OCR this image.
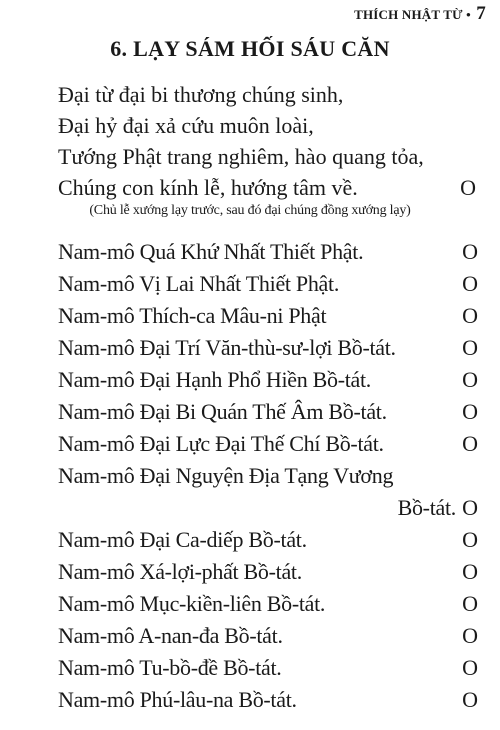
THÍCH NHẬT TỪ • 7
6. LẠY SÁM HỐI SÁU CĂN
Đại từ đại bi thương chúng sinh,
Đại hỷ đại xả cứu muôn loài,
Tướng Phật trang nghiêm, hào quang tỏa,
Chúng con kính lễ, hướng tâm về.	O
(Chủ lễ xướng lạy trước, sau đó đại chúng đồng xướng lạy)
Nam-mô Quá Khứ Nhất Thiết Phật.	O
Nam-mô Vị Lai Nhất Thiết Phật.	O
Nam-mô Thích-ca Mâu-ni Phật	O
Nam-mô Đại Trí Văn-thù-sư-lợi Bồ-tát.	O
Nam-mô Đại Hạnh Phổ Hiền Bồ-tát.	O
Nam-mô Đại Bi Quán Thế Âm Bồ-tát.	O
Nam-mô Đại Lực Đại Thế Chí Bồ-tát.	O
Nam-mô Đại Nguyện Địa Tạng Vương
Bồ-tát. O
Nam-mô Đại Ca-diếp Bồ-tát.	O
Nam-mô Xá-lợi-phất Bồ-tát.	O
Nam-mô Mục-kiền-liên Bồ-tát.	O
Nam-mô A-nan-đa Bồ-tát.	O
Nam-mô Tu-bồ-đề Bồ-tát.	O
Nam-mô Phú-lâu-na Bồ-tát.	O
